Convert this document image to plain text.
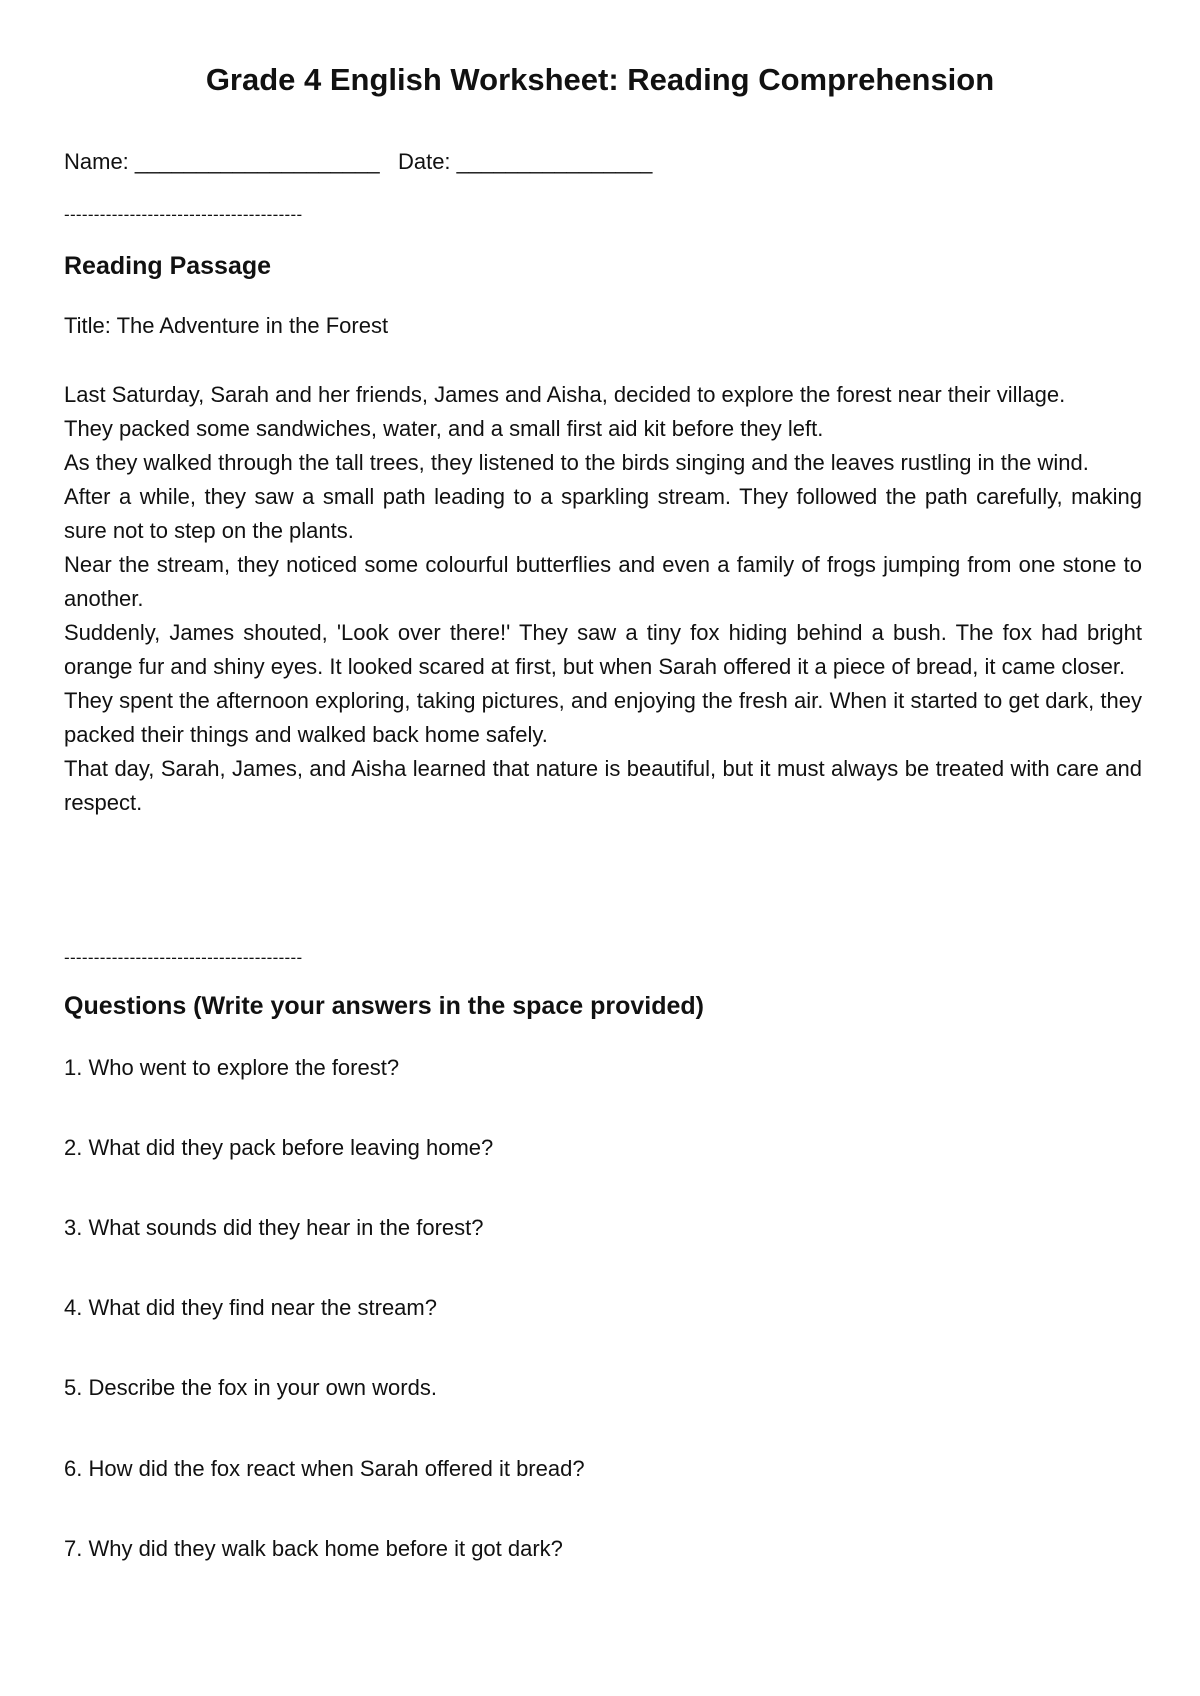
Grade 4 English Worksheet: Reading Comprehension
Name: ____________________   Date: ________________
----------------------------------------
Reading Passage
Title: The Adventure in the Forest

Last Saturday, Sarah and her friends, James and Aisha, decided to explore the forest near their village.

They packed some sandwiches, water, and a small first aid kit before they left.

As they walked through the tall trees, they listened to the birds singing and the leaves rustling in the wind.

After a while, they saw a small path leading to a sparkling stream. They followed the path carefully, making sure not to step on the plants.

Near the stream, they noticed some colourful butterflies and even a family of frogs jumping from one stone to another.

Suddenly, James shouted, 'Look over there!' They saw a tiny fox hiding behind a bush. The fox had bright orange fur and shiny eyes. It looked scared at first, but when Sarah offered it a piece of bread, it came closer.

They spent the afternoon exploring, taking pictures, and enjoying the fresh air. When it started to get dark, they packed their things and walked back home safely.

That day, Sarah, James, and Aisha learned that nature is beautiful, but it must always be treated with care and respect.

----------------------------------------
Questions (Write your answers in the space provided)
1. Who went to explore the forest?
2. What did they pack before leaving home?
3. What sounds did they hear in the forest?
4. What did they find near the stream?
5. Describe the fox in your own words.
6. How did the fox react when Sarah offered it bread?
7. Why did they walk back home before it got dark?
